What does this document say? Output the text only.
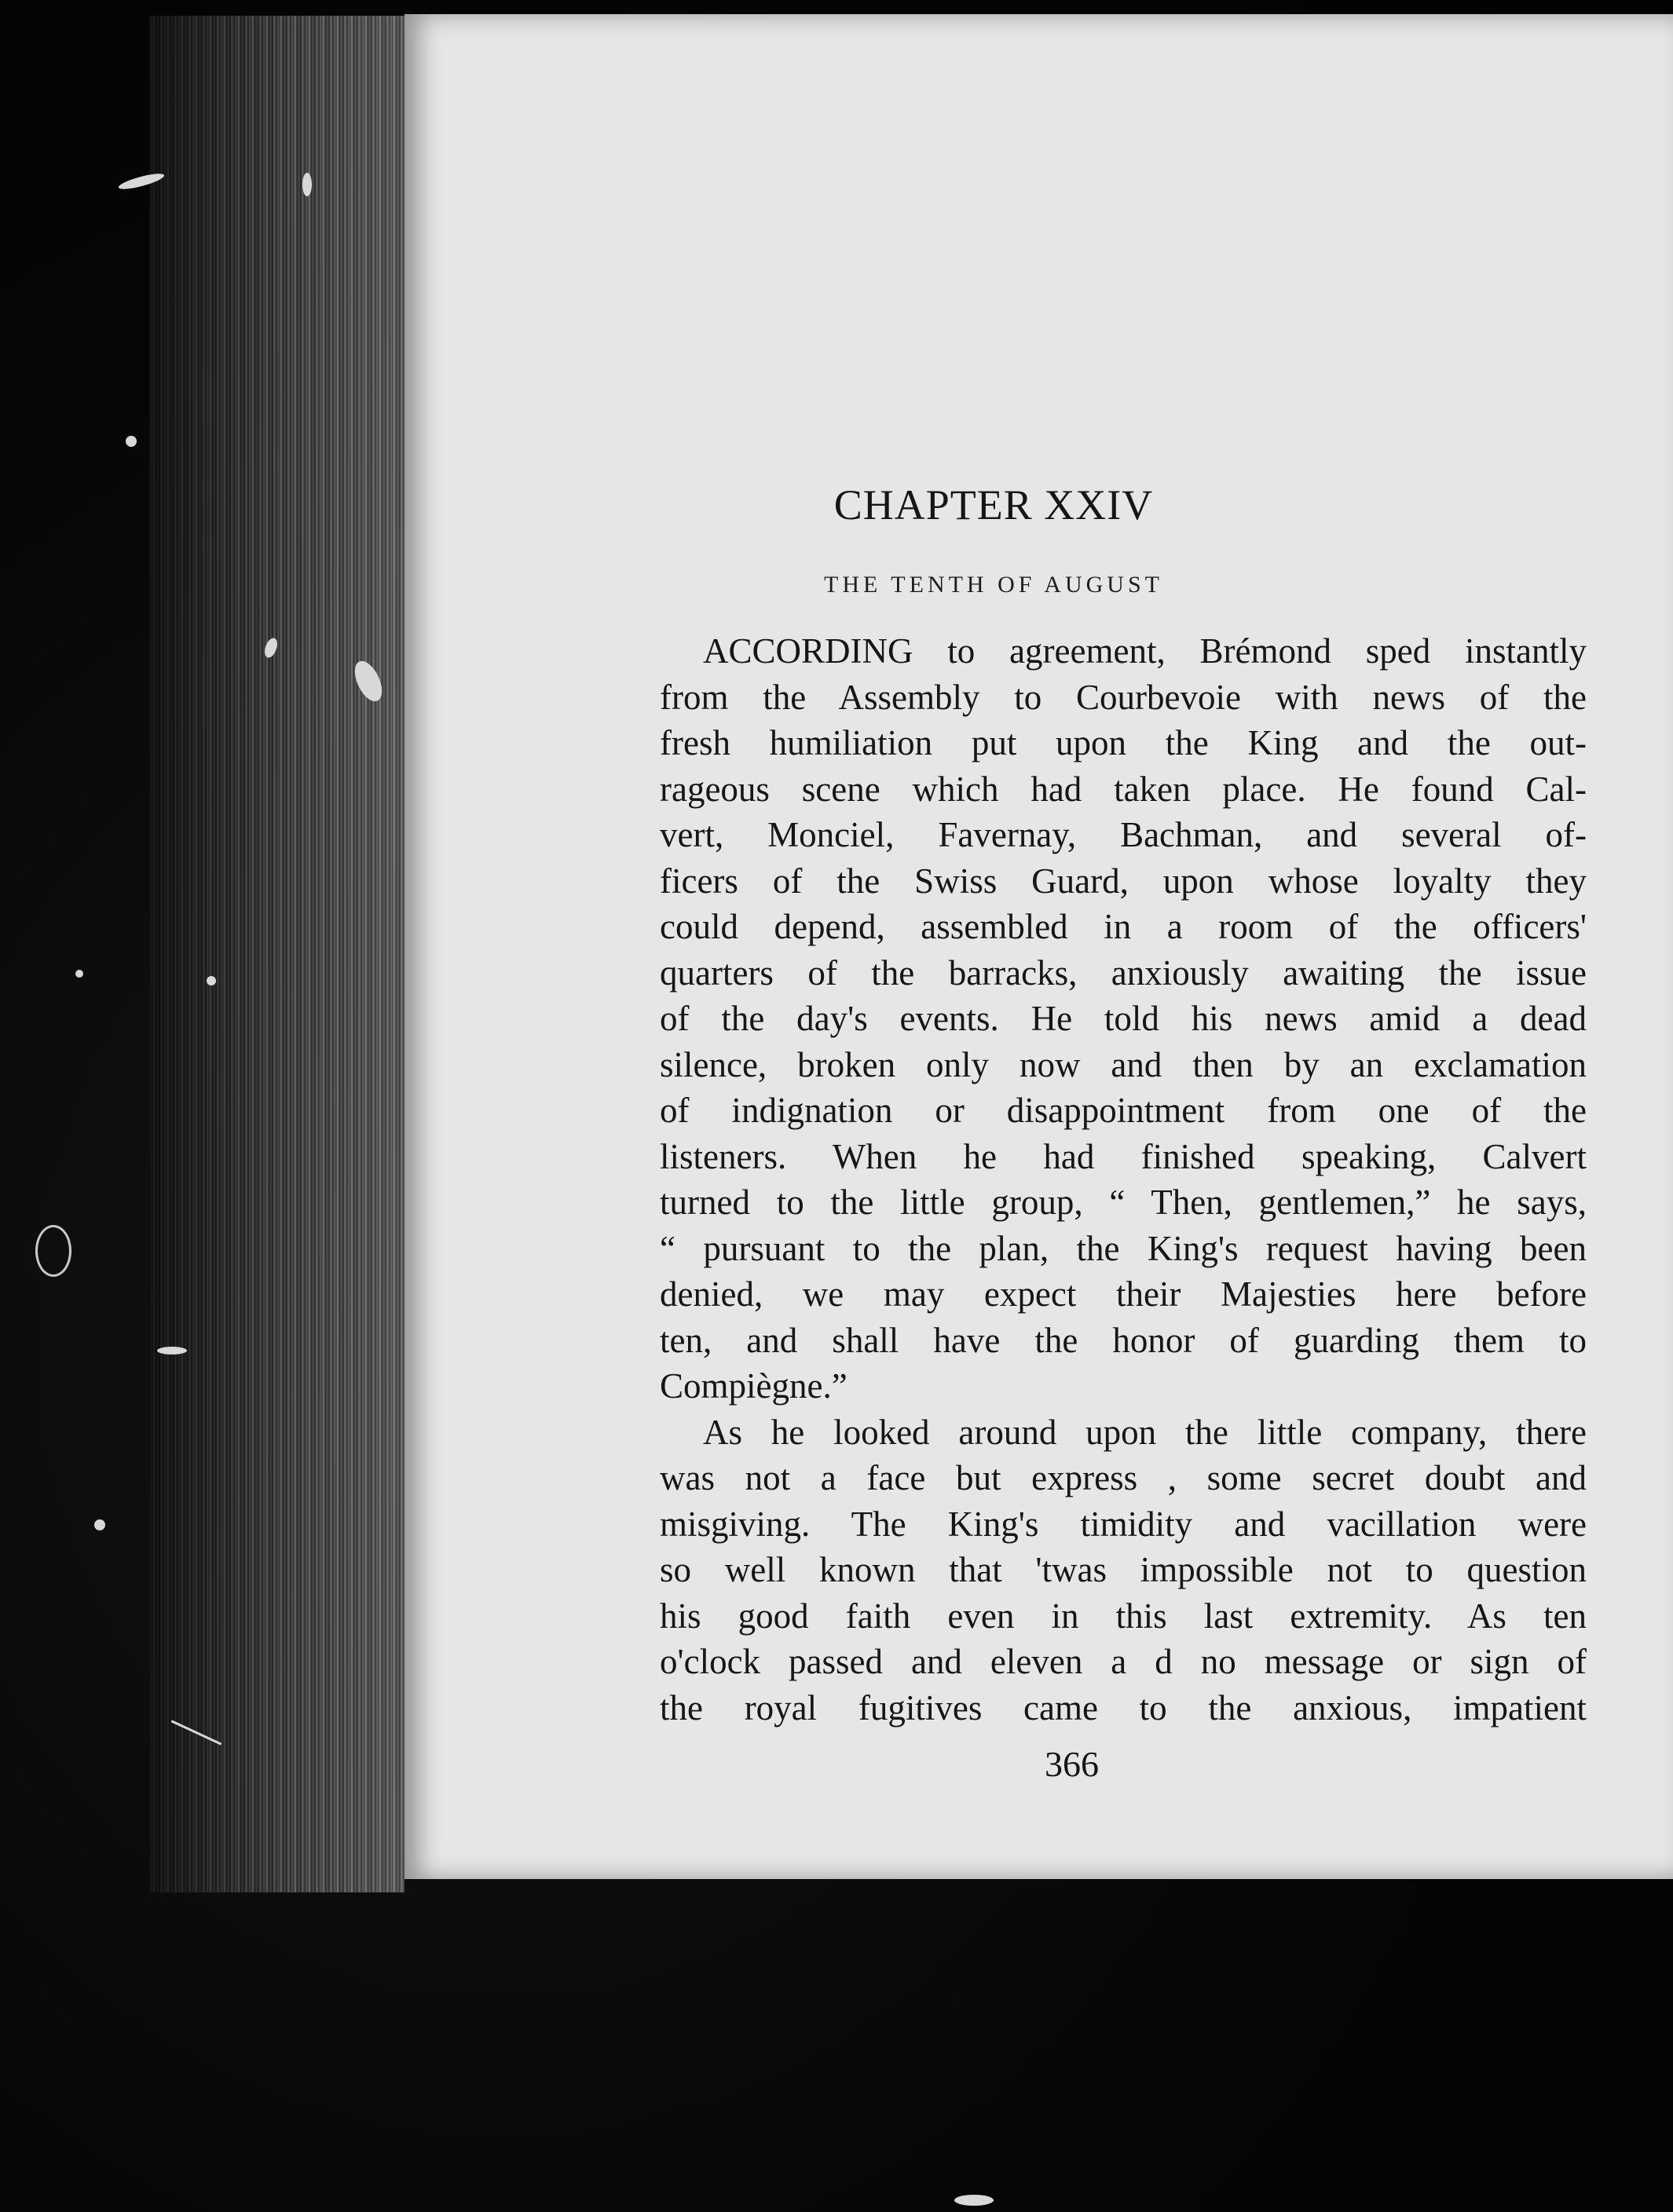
CHAPTER XXIV
THE TENTH OF AUGUST
ACCORDING to agreement, Brémond sped instantly
from the Assembly to Courbevoie with news of the
fresh humiliation put upon the King and the out-
rageous scene which had taken place. He found Cal-
vert, Monciel, Favernay, Bachman, and several of-
ficers of the Swiss Guard, upon whose loyalty they
could depend, assembled in a room of the officers'
quarters of the barracks, anxiously awaiting the issue
of the day's events. He told his news amid a dead
silence, broken only now and then by an exclamation
of indignation or disappointment from one of the
listeners. When he had finished speaking, Calvert
turned to the little group, “ Then, gentlemen,” he says,
“ pursuant to the plan, the King's request having been
denied, we may expect their Majesties here before
ten, and shall have the honor of guarding them to
Compiègne.”
As he looked around upon the little company, there
was not a face but express , some secret doubt and
misgiving. The King's timidity and vacillation were
so well known that 'twas impossible not to question
his good faith even in this last extremity. As ten
o'clock passed and eleven a d no message or sign of
the royal fugitives came to the anxious, impatient
366
